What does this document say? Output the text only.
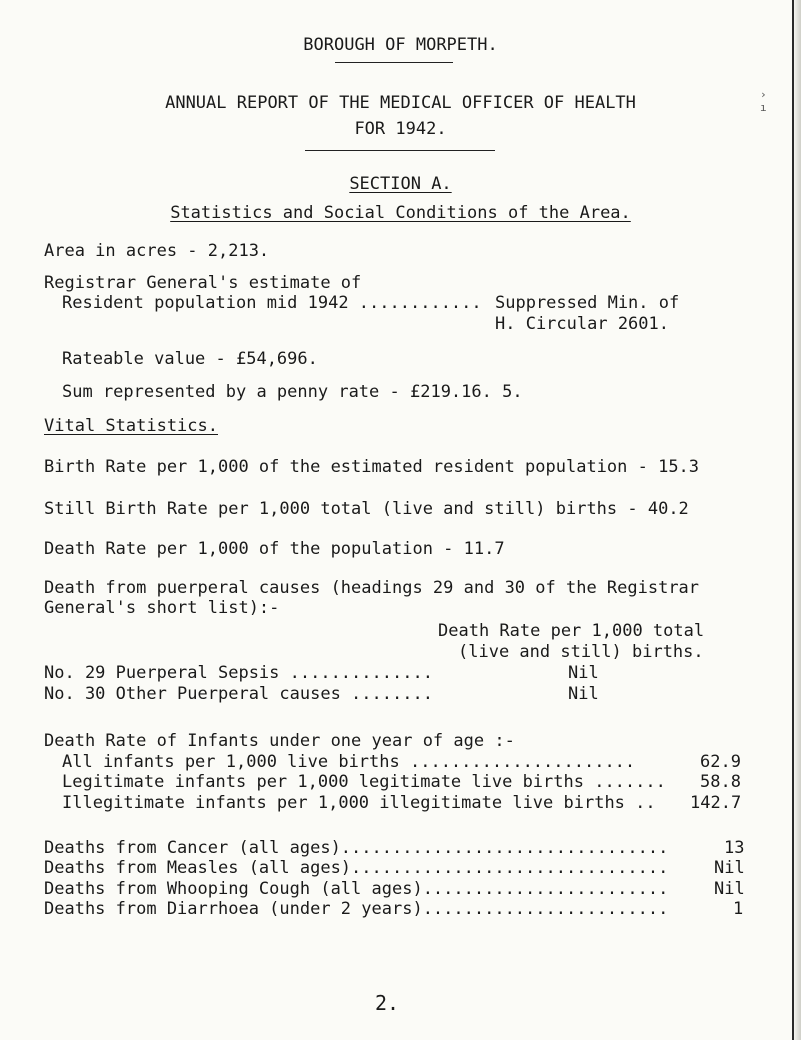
BOROUGH OF MORPETH.
ANNUAL REPORT OF THE MEDICAL OFFICER OF HEALTH
FOR 1942.
›
ı
SECTION A.
Statistics and Social Conditions of the Area.
Area in acres - 2,213.
Registrar General's estimate of
Resident population mid 1942 ............ Suppressed Min. of
H. Circular 2601.
Rateable value - £54,696.
Sum represented by a penny rate - £219.16. 5.
Vital Statistics.
Birth Rate per 1,000 of the estimated resident population - 15.3
Still Birth Rate per 1,000 total (live and still) births - 40.2
Death Rate per 1,000 of the population - 11.7
Death from puerperal causes (headings 29 and 30 of the Registrar
General's short list):-
Death Rate per 1,000 total
(live and still) births.
No. 29 Puerperal Sepsis ..............	Nil
No. 30 Other Puerperal causes ........	Nil
Death Rate of Infants under one year of age :-
All infants per 1,000 live births ......................	62.9
Legitimate infants per 1,000 legitimate live births ....... 58.8
Illegitimate infants per 1,000 illegitimate live births .. 142.7
Deaths from Cancer (all ages)................................	13
Deaths from Measles (all ages)...............................	Nil
Deaths from Whooping Cough (all ages)........................	Nil
Deaths from Diarrhoea (under 2 years)........................	1
2.
